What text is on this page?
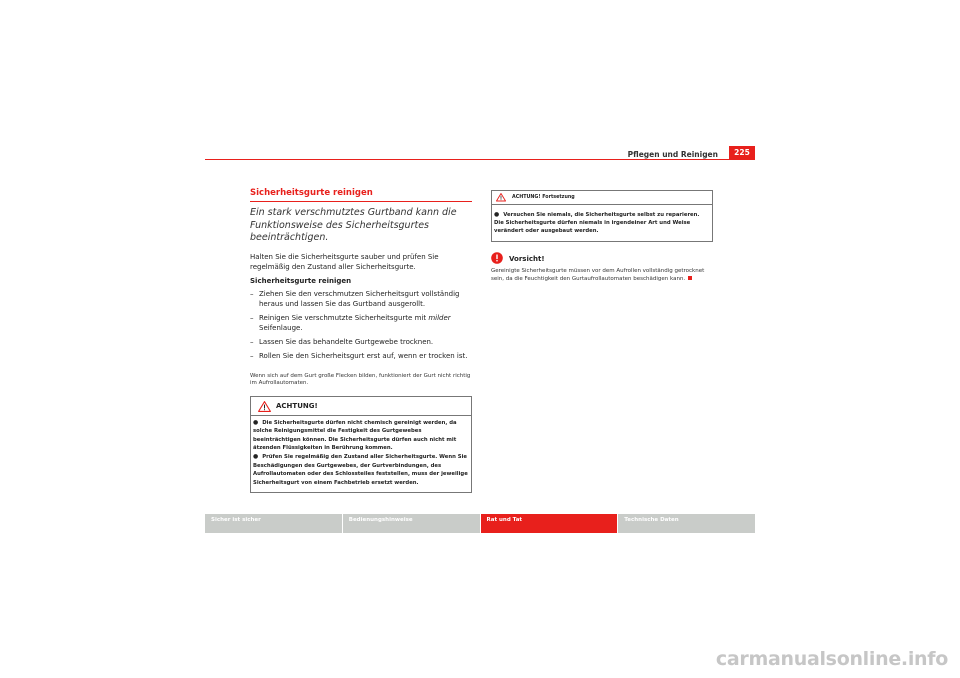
Pflegen und Reinigen	225
Sicherheitsgurte reinigen
Ein stark verschmutztes Gurtband kann die Funktionsweise des Sicherheitsgurtes beeinträchtigen.
Halten Sie die Sicherheitsgurte sauber und prüfen Sie regelmäßig den Zustand aller Sicherheitsgurte.
Sicherheitsgurte reinigen
– Ziehen Sie den verschmutzen Sicherheitsgurt vollständig heraus und lassen Sie das Gurtband ausgerollt.
– Reinigen Sie verschmutzte Sicherheitsgurte mit milder Seifenlauge.
– Lassen Sie das behandelte Gurtgewebe trocknen.
– Rollen Sie den Sicherheitsgurt erst auf, wenn er trocken ist.
Wenn sich auf dem Gurt große Flecken bilden, funktioniert der Gurt nicht richtig im Aufrollautomaten.
ACHTUNG!
● Die Sicherheitsgurte dürfen nicht chemisch gereinigt werden, da solche Reinigungsmittel die Festigkeit des Gurtgewebes beeinträchtigen können. Die Sicherheitsgurte dürfen auch nicht mit ätzenden Flüssigkeiten in Berührung kommen.
● Prüfen Sie regelmäßig den Zustand aller Sicherheitsgurte. Wenn Sie Beschädigungen des Gurtgewebes, der Gurtverbindungen, des Aufrollautomaten oder des Schlossteiles feststellen, muss der jeweilige Sicherheitsgurt von einem Fachbetrieb ersetzt werden.
ACHTUNG! Fortsetzung
● Versuchen Sie niemals, die Sicherheitsgurte selbst zu reparieren. Die Sicherheitsgurte dürfen niemals in irgendeiner Art und Weise verändert oder ausgebaut werden.
Vorsicht!
Gereinigte Sicherheitsgurte müssen vor dem Aufrollen vollständig getrocknet sein, da die Feuchtigkeit den Gurtaufrollautomaten beschädigen kann.
Sicher ist sicher	Bedienungshinweise	Rat und Tat	Technische Daten
carmanualsonline.info
